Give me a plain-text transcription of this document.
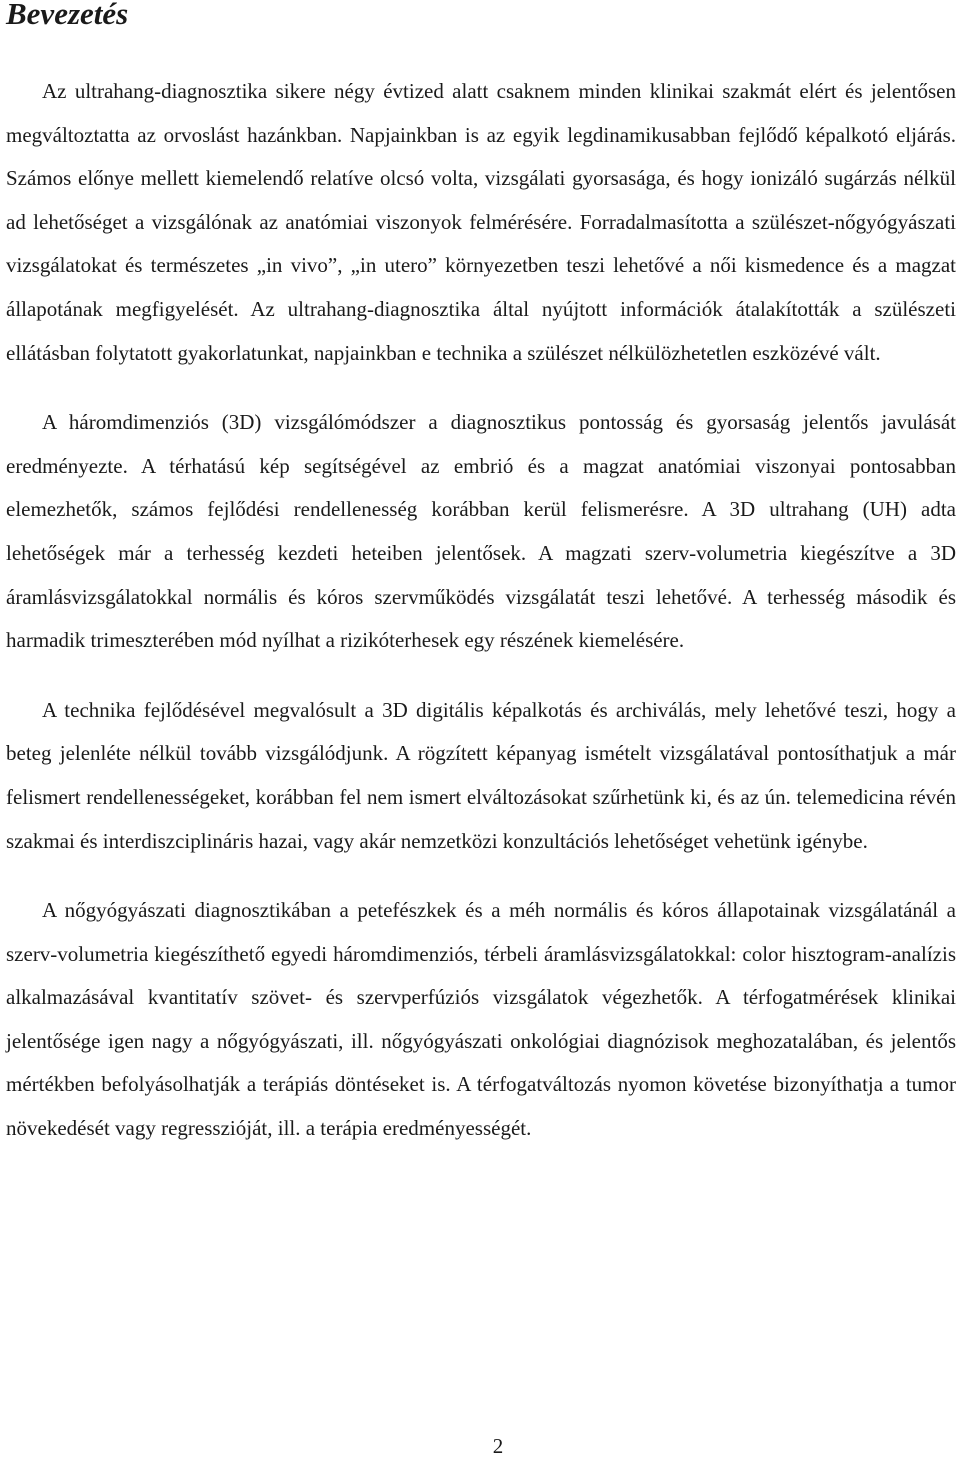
Bevezetés

Az ultrahang-diagnosztika sikere négy évtized alatt csaknem minden klinikai szakmát elért és jelentősen megváltoztatta az orvoslást hazánkban. Napjainkban is az egyik legdinamikusabban fejlődő képalkotó eljárás. Számos előnye mellett kiemelendő relatíve olcsó volta, vizsgálati gyorsasága, és hogy ionizáló sugárzás nélkül ad lehetőséget a vizsgálónak az anatómiai viszonyok felmérésére. Forradalmasította a szülészet-nőgyógyászati vizsgálatokat és természetes „in vivo”, „in utero” környezetben teszi lehetővé a női kismedence és a magzat állapotának megfigyelését. Az ultrahang-diagnosztika által nyújtott információk átalakították a szülészeti ellátásban folytatott gyakorlatunkat, napjainkban e technika a szülészet nélkülözhetetlen eszközévé vált.

A háromdimenziós (3D) vizsgálómódszer a diagnosztikus pontosság és gyorsaság jelentős javulását eredményezte. A térhatású kép segítségével az embrió és a magzat anatómiai viszonyai pontosabban elemezhetők, számos fejlődési rendellenesség korábban kerül felismerésre. A 3D ultrahang (UH) adta lehetőségek már a terhesség kezdeti heteiben jelentősek. A magzati szerv-volumetria kiegészítve a 3D áramlásvizsgálatokkal normális és kóros szervműködés vizsgálatát teszi lehetővé. A terhesség második és harmadik trimeszterében mód nyílhat a rizikóterhesek egy részének kiemelésére.

A technika fejlődésével megvalósult a 3D digitális képalkotás és archiválás, mely lehetővé teszi, hogy a beteg jelenléte nélkül tovább vizsgálódjunk. A rögzített képanyag ismételt vizsgálatával pontosíthatjuk a már felismert rendellenességeket, korábban fel nem ismert elváltozásokat szűrhetünk ki, és az ún. telemedicina révén szakmai és interdiszciplináris hazai, vagy akár nemzetközi konzultációs lehetőséget vehetünk igénybe.

A nőgyógyászati diagnosztikában a petefészkek és a méh normális és kóros állapotainak vizsgálatánál a szerv-volumetria kiegészíthető egyedi háromdimenziós, térbeli áramlásvizsgálatokkal: color hisztogram-analízis alkalmazásával kvantitatív szövet- és szervperfúziós vizsgálatok végezhetők. A térfogatmérések klinikai jelentősége igen nagy a nőgyógyászati, ill. nőgyógyászati onkológiai diagnózisok meghozatalában, és jelentős mértékben befolyásolhatják a terápiás döntéseket is. A térfogatváltozás nyomon követése bizonyíthatja a tumor növekedését vagy regresszióját, ill. a terápia eredményességét.

2
